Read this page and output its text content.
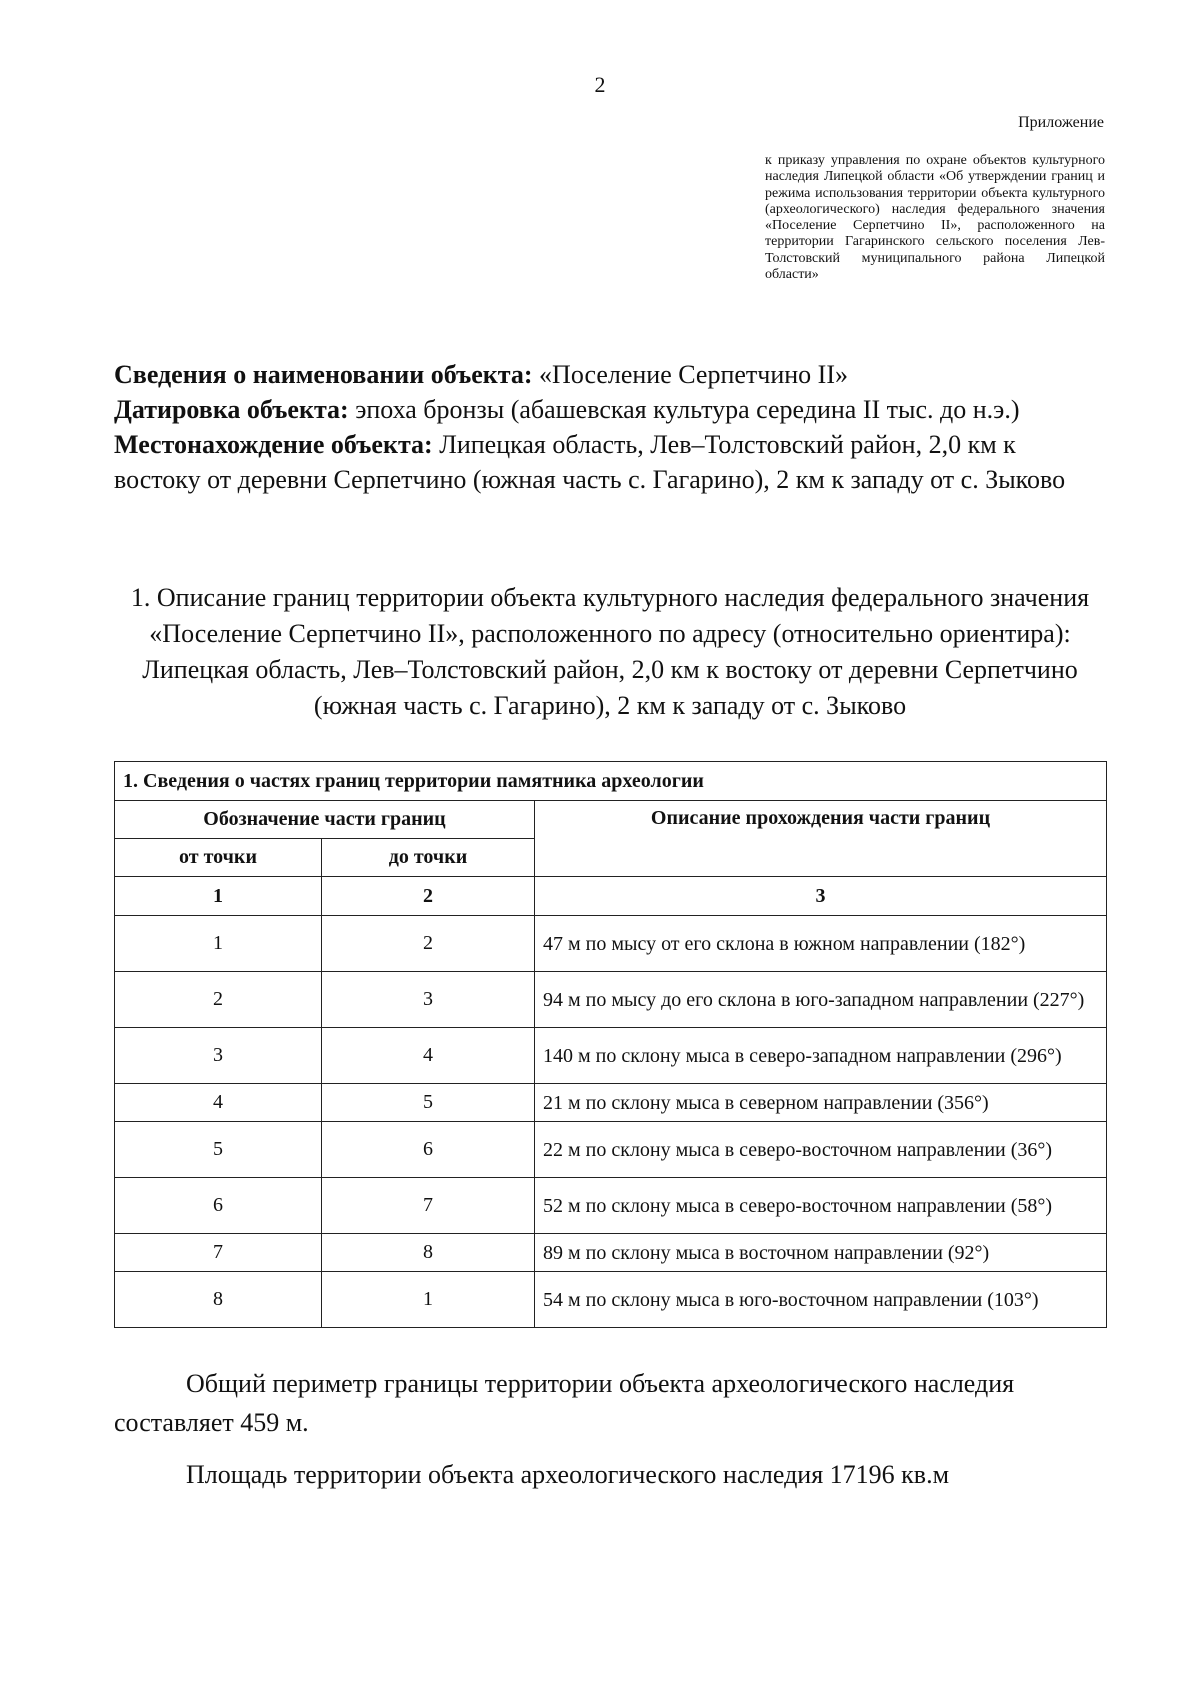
2
Приложение
к приказу управления по охране объектов культурного наследия Липецкой области «Об утверждении границ и режима использования территории объекта культурного (археологического) наследия федерального значения «Поселение Серпетчино II», расположенного на территории Гагаринского сельского поселения Лев-Толстовский муниципального района Липецкой области»
Сведения о наименовании объекта: «Поселение Серпетчино II»
Датировка объекта: эпоха бронзы (абашевская культура середина II тыс. до н.э.)
Местонахождение объекта: Липецкая область, Лев–Толстовский район, 2,0 км к востоку от деревни Серпетчино (южная часть с. Гагарино), 2 км к западу от с. Зыково
1. Описание границ территории объекта культурного наследия федерального значения «Поселение Серпетчино II», расположенного по адресу (относительно ориентира): Липецкая область, Лев–Толстовский район, 2,0 км к востоку от деревни Серпетчино (южная часть с. Гагарино), 2 км к западу от с. Зыково
1. Сведения о частях границ территории памятника археологии		
Обозначение части границ		Описание прохождения части границ
от точки	до точки	
1	2	3
1	2	47 м по мысу от его склона в южном направлении (182°)
2	3	94 м по мысу до его склона в юго-западном направлении (227°)
3	4	140 м по склону мыса в северо-западном направлении (296°)
4	5	21 м по склону мыса в северном направлении (356°)
5	6	22 м по склону мыса в северо-восточном направлении (36°)
6	7	52 м по склону мыса в северо-восточном направлении (58°)
7	8	89 м по склону мыса в восточном направлении (92°)
8	1	54 м по склону мыса в юго-восточном направлении (103°)
Общий периметр границы территории объекта археологического наследия составляет 459 м.
Площадь территории объекта археологического наследия 17196 кв.м
